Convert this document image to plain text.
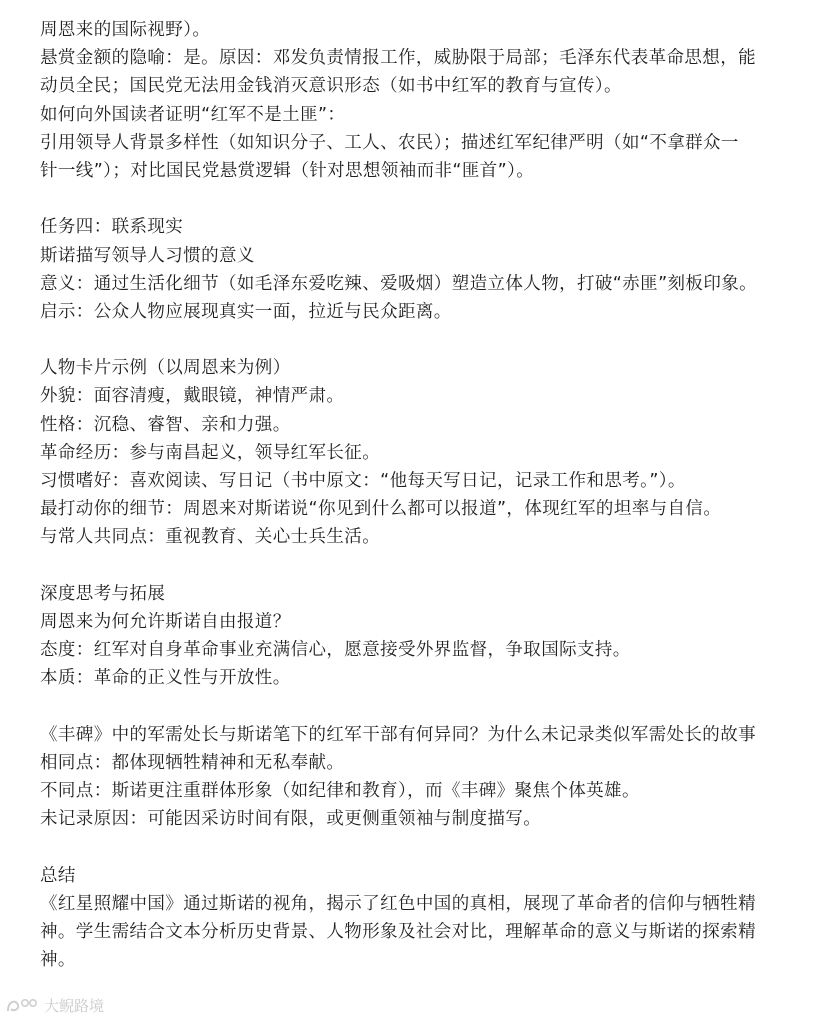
周恩来的国际视野）。
悬赏金额的隐喻：是。原因：邓发负责情报工作，威胁限于局部；毛泽东代表革命思想，能
动员全民；国民党无法用金钱消灭意识形态（如书中红军的教育与宣传）。
如何向外国读者证明“红军不是土匪”：
引用领导人背景多样性（如知识分子、工人、农民）；描述红军纪律严明（如“不拿群众一
针一线”）；对比国民党悬赏逻辑（针对思想领袖而非“匪首”）。
任务四：联系现实
斯诺描写领导人习惯的意义
意义：通过生活化细节（如毛泽东爱吃辣、爱吸烟）塑造立体人物，打破“赤匪”刻板印象。
启示：公众人物应展现真实一面，拉近与民众距离。
人物卡片示例（以周恩来为例）
外貌：面容清瘦，戴眼镜，神情严肃。
性格：沉稳、睿智、亲和力强。
革命经历：参与南昌起义，领导红军长征。
习惯嗜好：喜欢阅读、写日记（书中原文：“他每天写日记，记录工作和思考。”）。
最打动你的细节：周恩来对斯诺说“你见到什么都可以报道”，体现红军的坦率与自信。
与常人共同点：重视教育、关心士兵生活。
深度思考与拓展
周恩来为何允许斯诺自由报道？
态度：红军对自身革命事业充满信心，愿意接受外界监督，争取国际支持。
本质：革命的正义性与开放性。
《丰碑》中的军需处长与斯诺笔下的红军干部有何异同？为什么未记录类似军需处长的故事
相同点：都体现牺牲精神和无私奉献。
不同点：斯诺更注重群体形象（如纪律和教育），而《丰碑》聚焦个体英雄。
未记录原因：可能因采访时间有限，或更侧重领袖与制度描写。
总结
《红星照耀中国》通过斯诺的视角，揭示了红色中国的真相，展现了革命者的信仰与牺牲精
神。学生需结合文本分析历史背景、人物形象及社会对比，理解革命的意义与斯诺的探索精
神。
大鲵路境
